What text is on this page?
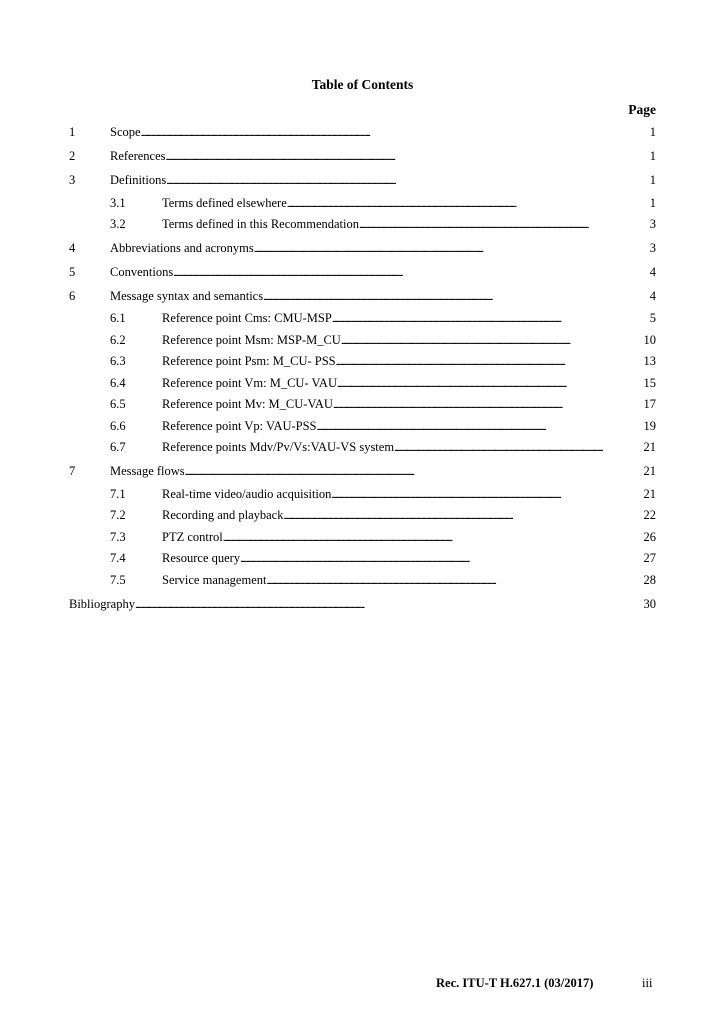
Table of Contents
Page
1	Scope . . .	1
2	References . . .	1
3	Definitions . . .	1
3.1	Terms defined elsewhere . . .	1
3.2	Terms defined in this Recommendation . . .	3
4	Abbreviations and acronyms . . .	3
5	Conventions . . .	4
6	Message syntax and semantics . . .	4
6.1	Reference point Cms: CMU-MSP . . .	5
6.2	Reference point Msm: MSP-M_CU . . .	10
6.3	Reference point Psm: M_CU- PSS . . .	13
6.4	Reference point Vm: M_CU- VAU . . .	15
6.5	Reference point Mv: M_CU-VAU . . .	17
6.6	Reference point Vp: VAU-PSS . . .	19
6.7	Reference points Mdv/Pv/Vs:VAU-VS system . . .	21
7	Message flows . . .	21
7.1	Real-time video/audio acquisition . . .	21
7.2	Recording and playback . . .	22
7.3	PTZ control . . .	26
7.4	Resource query . . .	27
7.5	Service management . . .	28
Bibliography . . .	30
Rec. ITU-T H.627.1 (03/2017)	iii
